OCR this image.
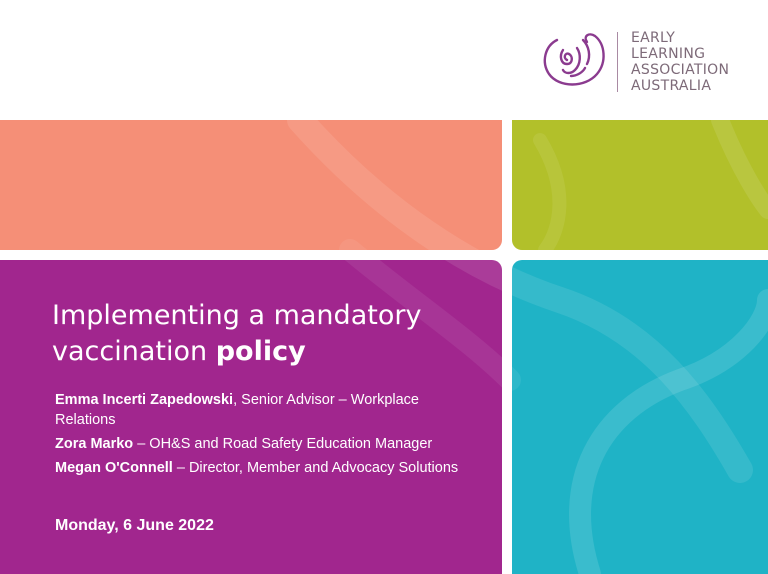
EARLY
LEARNING
ASSOCIATION
AUSTRALIA
Implementing a mandatory vaccination policy
Emma Incerti Zapedowski, Senior Advisor – Workplace Relations
Zora Marko – OH&S and Road Safety Education Manager
Megan O'Connell – Director, Member and Advocacy Solutions
Monday, 6 June 2022
